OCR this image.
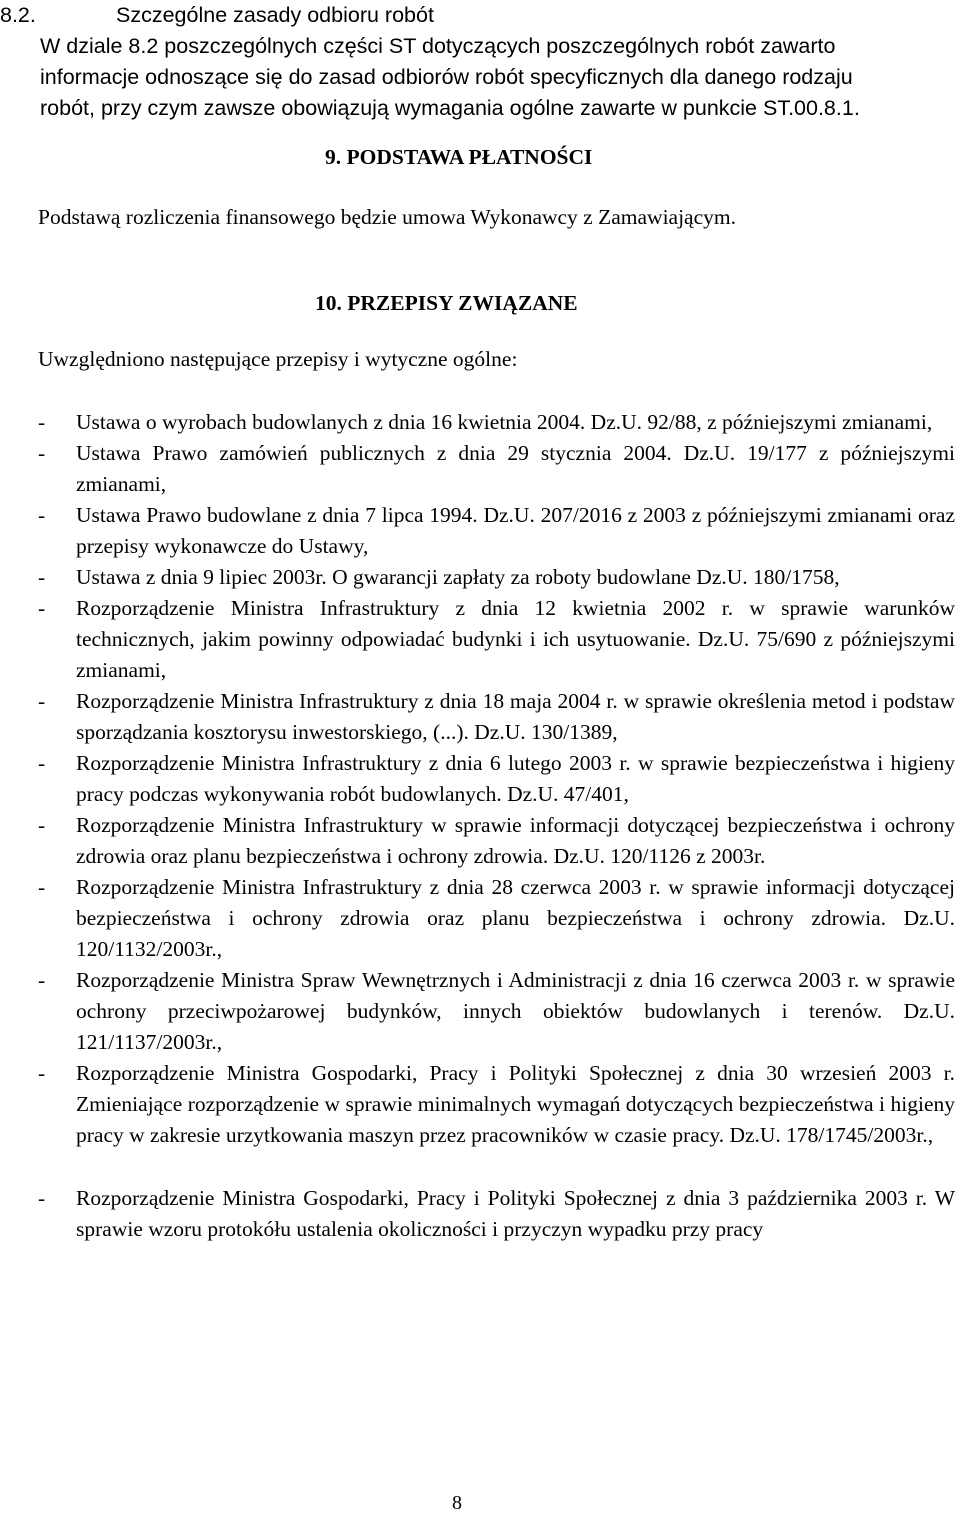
8.2.	Szczególne zasady odbioru robót
W dziale 8.2 poszczególnych części ST dotyczących poszczególnych robót zawarto
informacje odnoszące się do zasad odbiorów robót specyficznych dla danego rodzaju
robót, przy czym zawsze obowiązują wymagania ogólne zawarte w punkcie ST.00.8.1.
9. PODSTAWA PŁATNOŚCI
Podstawą rozliczenia finansowego będzie umowa Wykonawcy z Zamawiającym.
10. PRZEPISY ZWIĄZANE
Uwzględniono następujące przepisy i wytyczne ogólne:
-	Ustawa o wyrobach budowlanych z dnia 16 kwietnia 2004. Dz.U. 92/88, z późniejszymi zmianami,
-	Ustawa Prawo zamówień publicznych z dnia 29 stycznia 2004. Dz.U. 19/177 z późniejszymi zmianami,
-	Ustawa Prawo budowlane z dnia 7 lipca 1994. Dz.U. 207/2016 z 2003 z późniejszymi zmianami oraz przepisy wykonawcze do Ustawy,
-	Ustawa z dnia 9 lipiec 2003r. O gwarancji zapłaty za roboty budowlane Dz.U. 180/1758,
-	Rozporządzenie Ministra Infrastruktury z dnia 12 kwietnia 2002 r. w sprawie warunków technicznych, jakim powinny odpowiadać budynki i ich usytuowanie. Dz.U. 75/690 z późniejszymi zmianami,
-	Rozporządzenie Ministra Infrastruktury z dnia 18 maja 2004 r. w sprawie określenia metod i podstaw sporządzania kosztorysu inwestorskiego, (...). Dz.U. 130/1389,
-	Rozporządzenie Ministra Infrastruktury z dnia 6 lutego 2003 r. w sprawie bezpieczeństwa i higieny pracy podczas wykonywania robót budowlanych. Dz.U. 47/401,
-	Rozporządzenie Ministra Infrastruktury w sprawie informacji dotyczącej bezpieczeństwa i ochrony zdrowia oraz planu bezpieczeństwa i ochrony zdrowia. Dz.U. 120/1126 z 2003r.
-	Rozporządzenie Ministra Infrastruktury z dnia 28 czerwca 2003 r. w sprawie informacji dotyczącej bezpieczeństwa i ochrony zdrowia oraz planu bezpieczeństwa i ochrony zdrowia. Dz.U. 120/1132/2003r.,
-	Rozporządzenie Ministra Spraw Wewnętrznych i Administracji z dnia 16 czerwca 2003 r. w sprawie ochrony przeciwpożarowej budynków, innych obiektów budowlanych i terenów. Dz.U. 121/1137/2003r.,
-	Rozporządzenie Ministra Gospodarki, Pracy i Polityki Społecznej z dnia 30 wrzesień 2003 r. Zmieniające rozporządzenie w sprawie minimalnych wymagań dotyczących bezpieczeństwa i higieny pracy w zakresie urzytkowania maszyn przez pracowników w czasie pracy. Dz.U. 178/1745/2003r.,
-	Rozporządzenie Ministra Gospodarki, Pracy i Polityki Społecznej z dnia 3 października 2003 r. W sprawie wzoru protokółu ustalenia okoliczności i przyczyn wypadku przy pracy
8
